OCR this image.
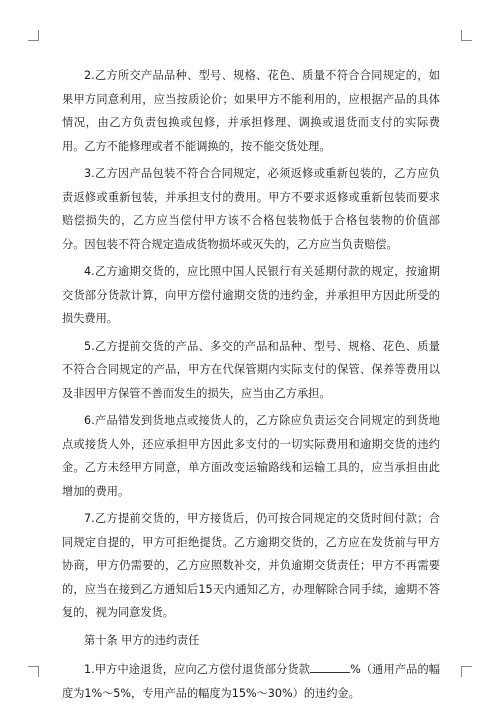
2.乙方所交产品品种、型号、规格、花色、质量不符合合同规定的，如果甲方同意利用，应当按质论价；如果甲方不能利用的，应根据产品的具体情况，由乙方负责包换或包修，并承担修理、调换或退货而支付的实际费用。乙方不能修理或者不能调换的，按不能交货处理。

3.乙方因产品包装不符合合同规定，必须返修或重新包装的，乙方应负责返修或重新包装，并承担支付的费用。甲方不要求返修或重新包装而要求赔偿损失的，乙方应当偿付甲方该不合格包装物低于合格包装物的价值部分。因包装不符合规定造成货物损坏或灭失的，乙方应当负责赔偿。

4.乙方逾期交货的，应比照中国人民银行有关延期付款的规定，按逾期交货部分货款计算，向甲方偿付逾期交货的违约金，并承担甲方因此所受的损失费用。

5.乙方提前交货的产品、多交的产品和品种、型号、规格、花色、质量不符合合同规定的产品，甲方在代保管期内实际支付的保管、保养等费用以及非因甲方保管不善而发生的损失，应当由乙方承担。

6.产品错发到货地点或接货人的，乙方除应负责运交合同规定的到货地点或接货人外，还应承担甲方因此多支付的一切实际费用和逾期交货的违约金。乙方未经甲方同意，单方面改变运输路线和运输工具的，应当承担由此增加的费用。

7.乙方提前交货的，甲方接货后，仍可按合同规定的交货时间付款；合同规定自提的，甲方可拒绝提货。乙方逾期交货的，乙方应在发货前与甲方协商，甲方仍需要的，乙方应照数补交，并负逾期交货责任；甲方不再需要的，应当在接到乙方通知后15天内通知乙方，办理解除合同手续，逾期不答复的，视为同意发货。

第十条 甲方的违约责任

1.甲方中途退货，应向乙方偿付退货部分货款	%（通用产品的幅度为1%～5%，专用产品的幅度为15%～30%）的违约金。
